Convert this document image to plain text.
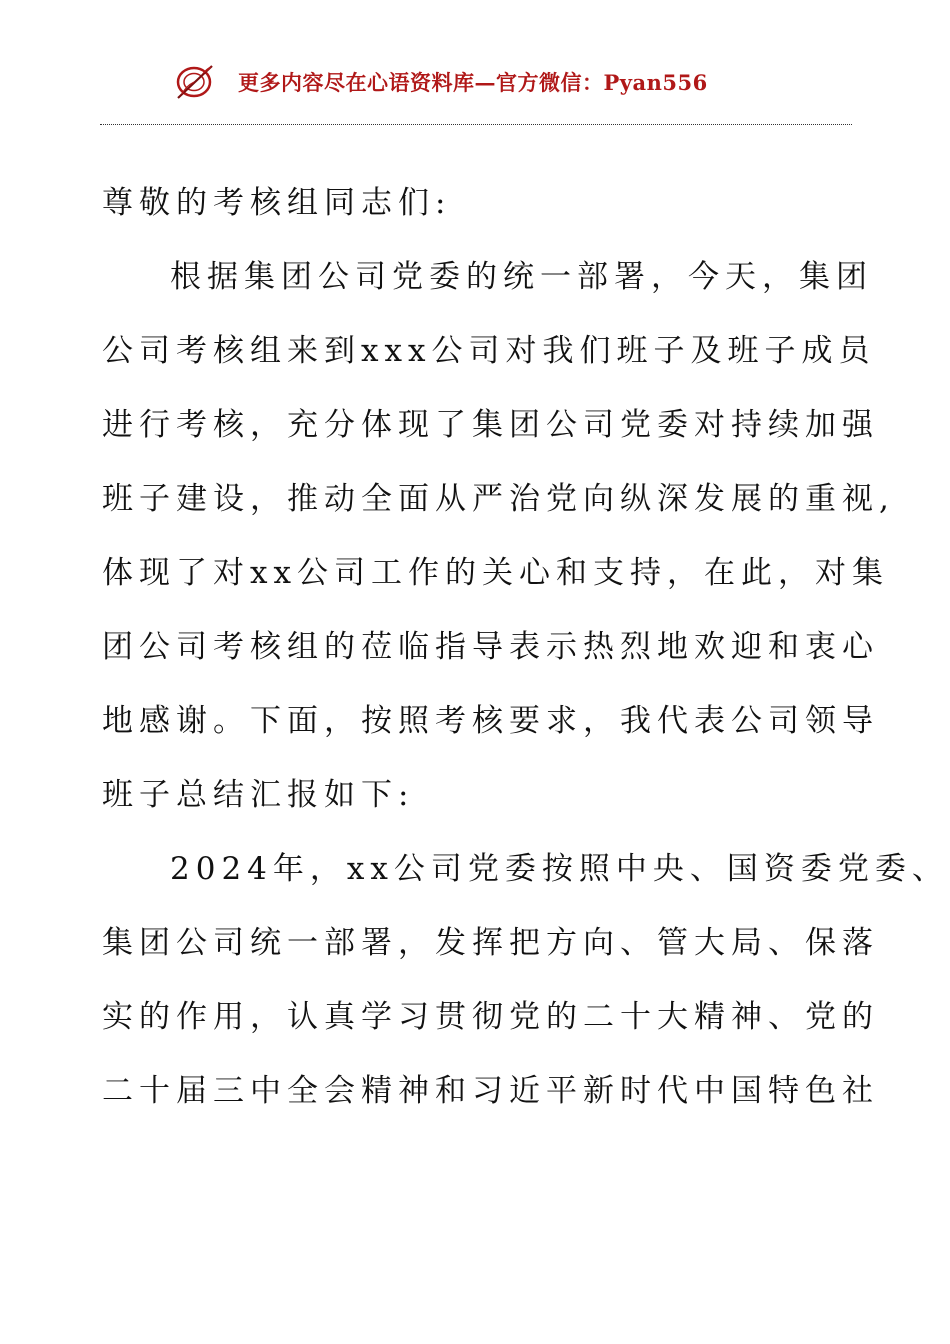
更多内容尽在心语资料库—官方微信：Pyan556
尊敬的考核组同志们:
根据集团公司党委的统一部署，今天，集团
公司考核组来到xxx公司对我们班子及班子成员
进行考核，充分体现了集团公司党委对持续加强
班子建设，推动全面从严治党向纵深发展的重视,
体现了对xx公司工作的关心和支持，在此，对集
团公司考核组的莅临指导表示热烈地欢迎和衷心
地感谢。下面，按照考核要求，我代表公司领导
班子总结汇报如下:
2024年，xx公司党委按照中央、国资委党委、
集团公司统一部署，发挥把方向、管大局、保落
实的作用，认真学习贯彻党的二十大精神、党的
二十届三中全会精神和习近平新时代中国特色社
